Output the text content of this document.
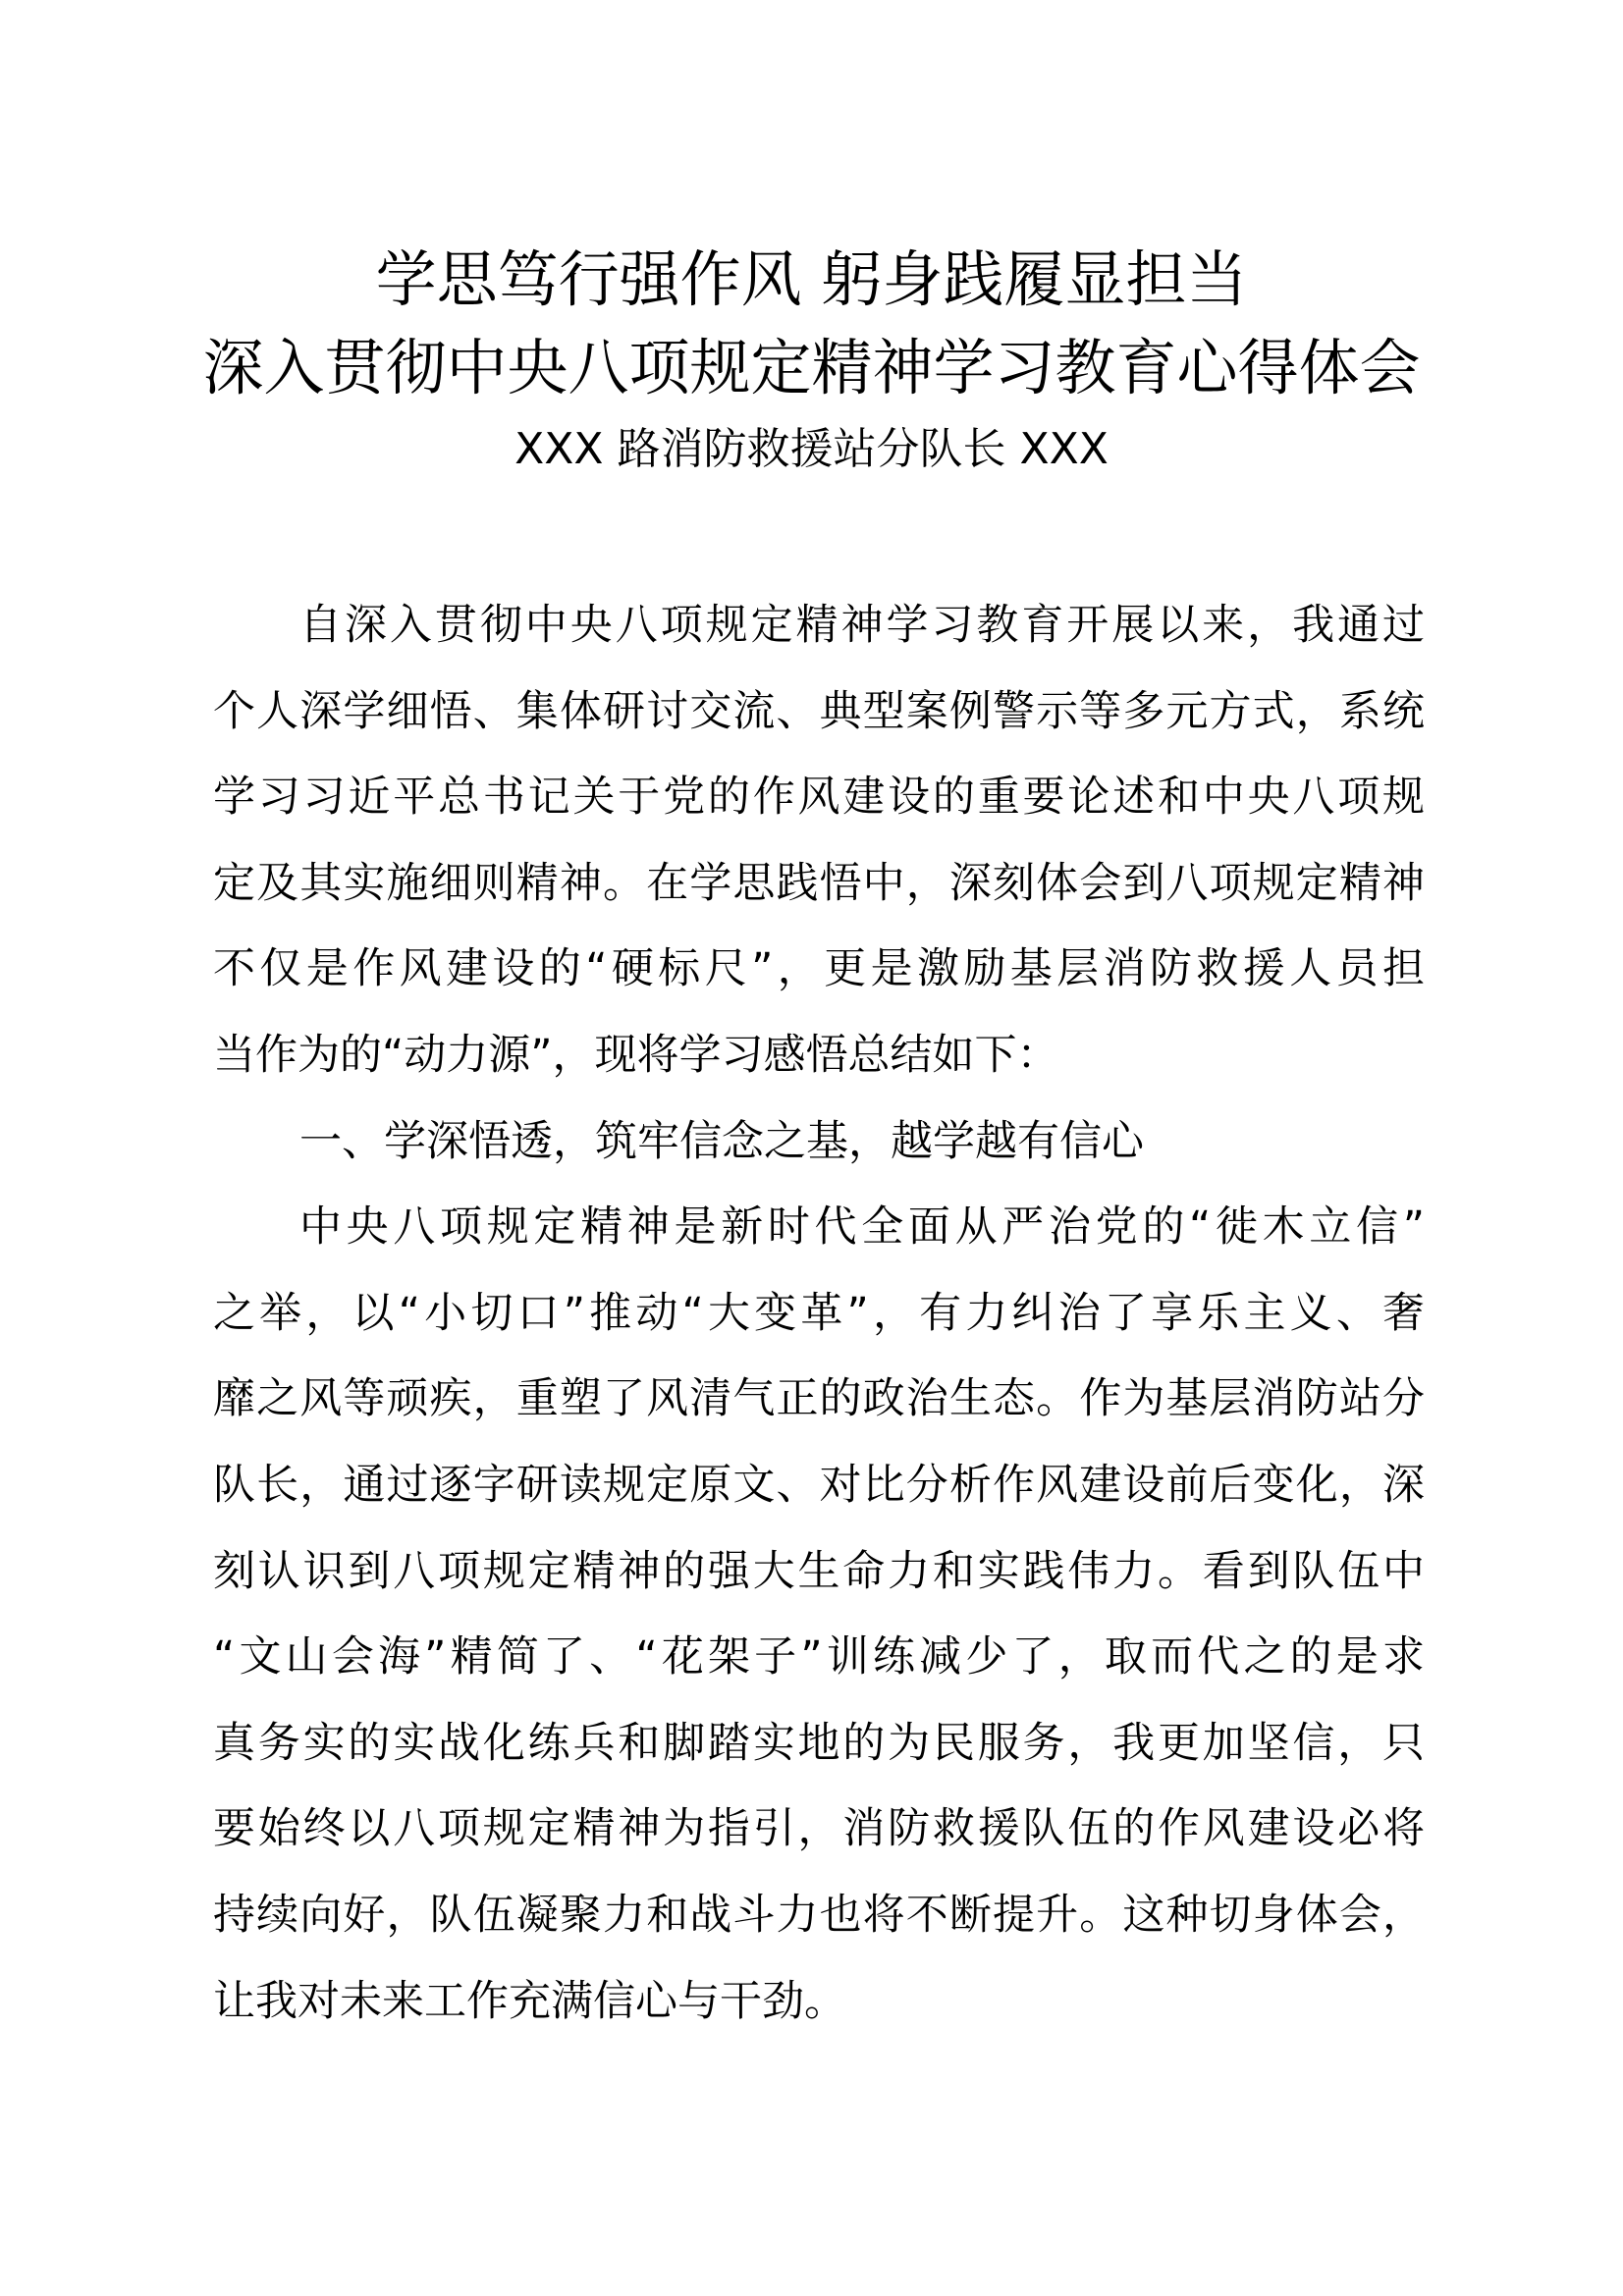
学思笃行强作风 躬身践履显担当
深入贯彻中央八项规定精神学习教育心得体会
XXX 路消防救援站分队长 XXX
自深入贯彻中央八项规定精神学习教育开展以来，我通过
个人深学细悟、集体研讨交流、典型案例警示等多元方式，系统
学习习近平总书记关于党的作风建设的重要论述和中央八项规
定及其实施细则精神。在学思践悟中，深刻体会到八项规定精神
不仅是作风建设的“硬标尺”，更是激励基层消防救援人员担
当作为的“动力源”，现将学习感悟总结如下：
一、学深悟透，筑牢信念之基，越学越有信心
中央八项规定精神是新时代全面从严治党的“徙木立信”
之举，以“小切口”推动“大变革”，有力纠治了享乐主义、奢
靡之风等顽疾，重塑了风清气正的政治生态。作为基层消防站分
队长，通过逐字研读规定原文、对比分析作风建设前后变化，深
刻认识到八项规定精神的强大生命力和实践伟力。看到队伍中
“文山会海”精简了、“花架子”训练减少了，取而代之的是求
真务实的实战化练兵和脚踏实地的为民服务，我更加坚信，只
要始终以八项规定精神为指引，消防救援队伍的作风建设必将
持续向好，队伍凝聚力和战斗力也将不断提升。这种切身体会，
让我对未来工作充满信心与干劲。
